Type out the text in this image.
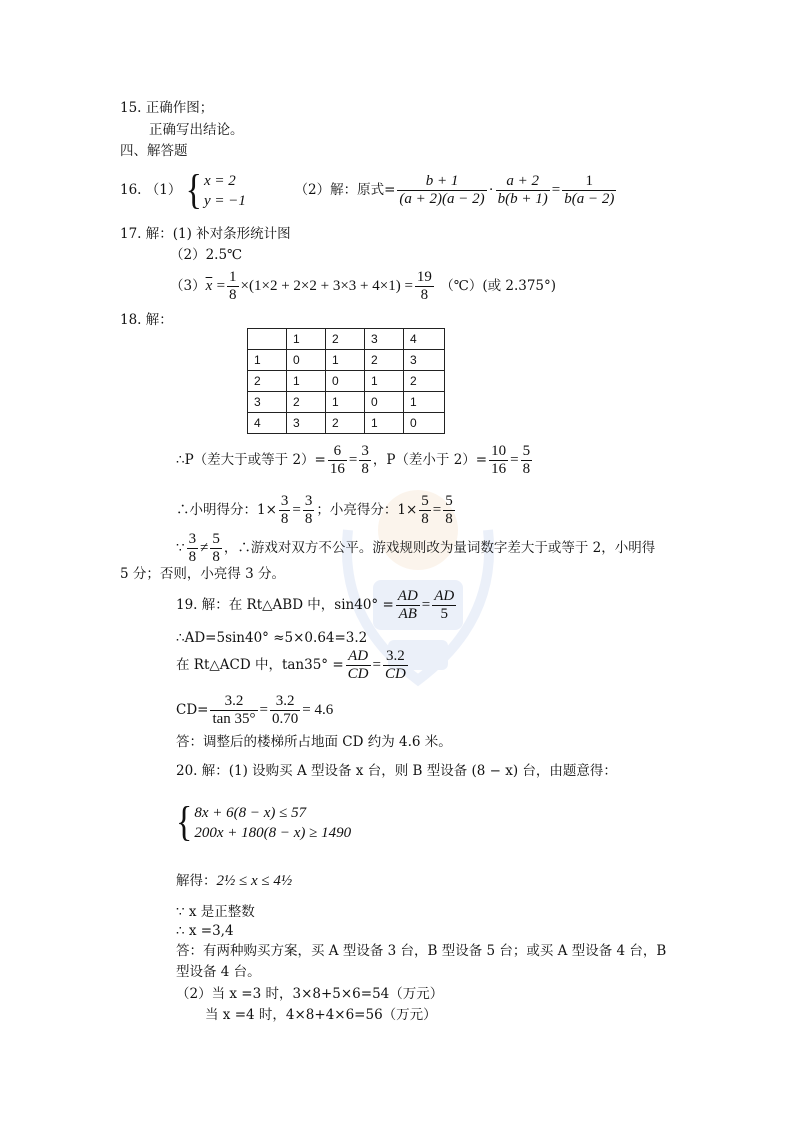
15. 正确作图；
正确写出结论。
四、解答题
16. （1） { x = 2
y = −1
（2）解：原式= $\frac{b + 1}{(a + 2)(a - 2)} \cdot \frac{a + 2}{b(b + 1)} = \frac{1}{b(a - 2)}$
17. 解：(1) 补对条形统计图
（2）2.5℃
$(3)\overline{x} = \frac{1}{8} \times(1\times 2 + 2\times 2 + 3\times 3 + 4\times 1) = \frac{19}{8}$ （℃）(或 2.375°)
18. 解：
	1	2	3	4
1	0	1	2	3
2	1	0	1	2
3	2	1	0	1
4	3	2	1	0
∴P（差大于或等于 $2)= \frac{6}{16} = \frac{3}{8}$ ，P（差小于 $2)= \frac{10}{16} = \frac{5}{8}$
∴小明得分：$1\times \frac{3}{8} = \frac{3}{8}$ ；小亮得分：$1\times \frac{5}{8} = \frac{5}{8}$
∵ $\frac{3}{8} \ne \frac{5}{8}$ ，∴游戏对双方不公平。游戏规则改为量词数字差大于或等于 2，小明得
5 分；否则，小亮得 3 分。
19. 解：在 Rt△ABD 中，$\sin 40^\circ = \frac{AD}{AB} = \frac{AD}{5}$
∴AD=5sin40° ≈5×0.64=3.2
在 Rt△ACD 中，$\tan 35^\circ = \frac{AD}{CD} = \frac{3.2}{CD}$
$CD= \frac{3.2}{\tan 35^\circ} = \frac{3.2}{0.70} = 4.6$
答：调整后的楼梯所占地面 CD 约为 4.6 米。
20. 解：(1) 设购买 A 型设备 x 台，则 B 型设备 (8 − x) 台，由题意得：
{ 8x + 6(8 − x) ≤ 57
200x + 180(8 − x) ≥ 1490
解得：2½ ≤ x ≤ 4½
∵ x 是正整数
∴ x =3,4
答：有两种购买方案，买 A 型设备 3 台，B 型设备 5 台；或买 A 型设备 4 台，B
型设备 4 台。
（2）当 x =3 时，3×8+5×6=54（万元）
当 x =4 时，4×8+4×6=56（万元）
